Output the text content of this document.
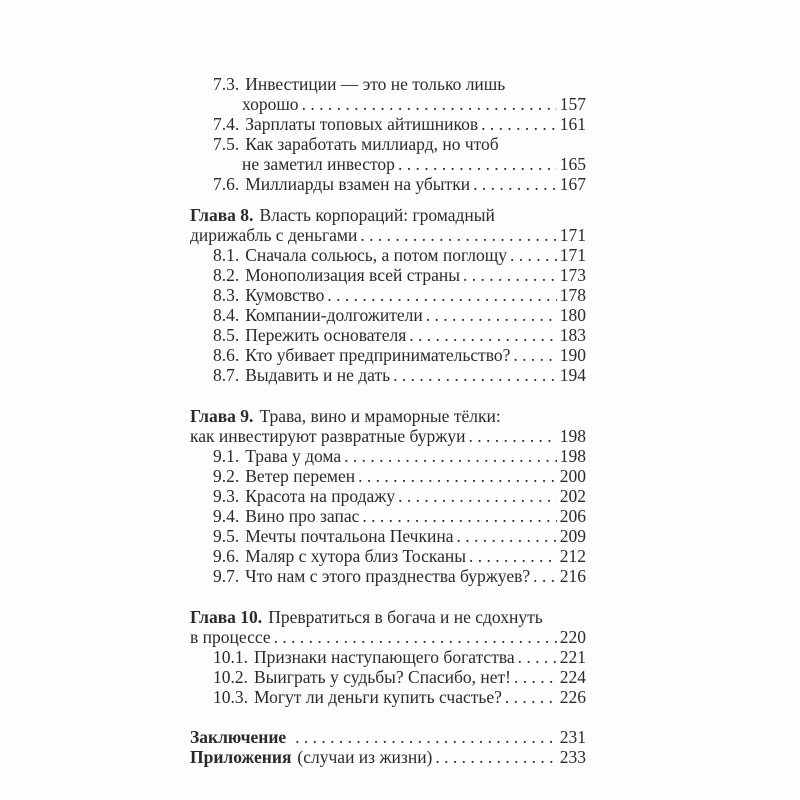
7.3. Инвестиции — это не только лишь
хорошо . . .	157
7.4. Зарплаты топовых айтишников . . .	161
7.5. Как заработать миллиард, но чтоб
не заметил инвестор . . .	165
7.6. Миллиарды взамен на убытки . . .	167
Глава 8. Власть корпораций: громадный
дирижабль с деньгами . . .	171
8.1. Сначала сольюсь, а потом поглощу . . .	171
8.2. Монополизация всей страны . . .	173
8.3. Кумовство . . .	178
8.4. Компании-долгожители . . .	180
8.5. Пережить основателя . . .	183
8.6. Кто убивает предпринимательство? . . .	190
8.7. Выдавить и не дать . . .	194
Глава 9. Трава, вино и мраморные тёлки:
как инвестируют развратные буржуи . . .	198
9.1. Трава у дома . . .	198
9.2. Ветер перемен . . .	200
9.3. Красота на продажу . . .	202
9.4. Вино про запас . . .	206
9.5. Мечты почтальона Печкина . . .	209
9.6. Маляр с хутора близ Тосканы . . .	212
9.7. Что нам с этого празднества буржуев? . . . 216
Глава 10. Превратиться в богача и не сдохнуть
в процессе . . .	220
10.1. Признаки наступающего богатства . . .	221
10.2. Выиграть у судьбы? Спасибо, нет! . . .	224
10.3. Могут ли деньги купить счастье? . . .	226
Заключение . . .	231
Приложения (случаи из жизни) . . .	233
